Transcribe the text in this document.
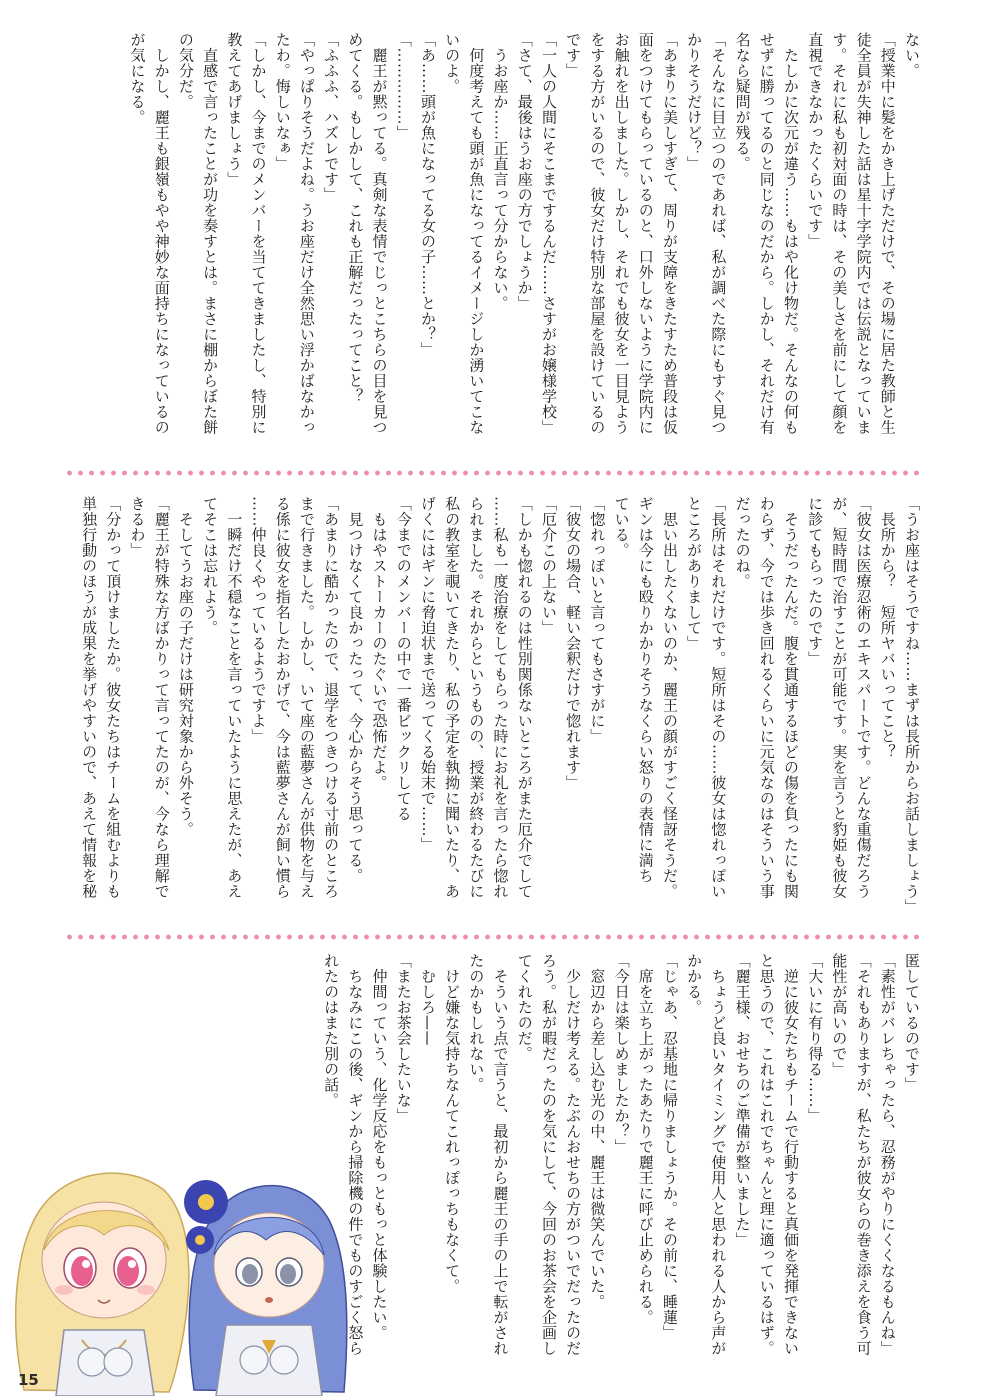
ない。

「授業中に髪をかき上げただけで、その場に居た教師と生

徒全員が失神した話は星十字学院内では伝説となっていま

す。それに私も初対面の時は、その美しさを前にして顔を

直視できなかったくらいです」

　たしかに次元が違う……もはや化け物だ。そんなの何も

せずに勝ってるのと同じなのだから。しかし、それだけ有

名なら疑問が残る。

「そんなに目立つのであれば、私が調べた際にもすぐ見つ

かりそうだけど？」

「あまりに美しすぎて、周りが支障をきたすため普段は仮

面をつけてもらっているのと、口外しないように学院内に

お触れを出しました。しかし、それでも彼女を一目見よう

をする方がいるので、彼女だけ特別な部屋を設けているの

です」

「一人の人間にそこまでするんだ……さすがお嬢様学校」

「さて、最後はうお座の方でしょうか」

　うお座か……正直言って分からない。

　何度考えても頭が魚になってるイメージしか湧いてこな

いのよ。

「あ……頭が魚になってる女の子……とか？」

「……………」

　麗王が黙ってる。真剣な表情でじっとこちらの目を見つ

めてくる。もしかして、これも正解だったってこと？

「ふふふ、ハズレです」

「やっぱりそうだよね。うお座だけ全然思い浮かばなかっ

たわ。悔しいなぁ」

「しかし、今までのメンバーを当ててきましたし、特別に

教えてあげましょう」

　直感で言ったことが功を奏すとは。まさに棚からぼた餅

の気分だ。

　しかし、麗王も銀嶺もやや神妙な面持ちになっているの

が気になる。

「うお座はそうですね……まずは長所からお話しましょう」

　長所から？　短所ヤバいってこと？

「彼女は医療忍術のエキスパートです。どんな重傷だろう

が、短時間で治すことが可能です。実を言うと豹姫も彼女

に診てもらったのです」

　そうだったんだ。腹を貫通するほどの傷を負ったにも関

わらず、今では歩き回れるくらいに元気なのはそういう事

だったのね。

「長所はそれだけです。短所はその……彼女は惚れっぽい

ところがありまして」

　思い出したくないのか、麗王の顔がすごく怪訝そうだ。

ギンは今にも殴りかかりそうなくらい怒りの表情に満ち

ている。

「惚れっぽいと言ってもさすがに」

「彼女の場合、軽い会釈だけで惚れます」

「厄介この上ない」

「しかも惚れるのは性別関係ないところがまた厄介でして

……私も一度治療をしてもらった時にお礼を言ったら惚れ

られました。それからというものの、授業が終わるたびに

私の教室を覗いてきたり、私の予定を執拗に聞いたり、あ

げくにはギンに脅迫状まで送ってくる始末で……」

「今までのメンバーの中で一番ビックリしてる

　もはやストーカーのたぐいで恐怖だよ。

　見つけなくて良かったって、今心からそう思ってる。

「あまりに酷かったので、退学をつきつける寸前のところ

まで行きました。しかし、いて座の藍夢さんが供物を与え

る係に彼女を指名したおかげで、今は藍夢さんが飼い慣ら

……仲良くやっているようですよ」

　一瞬だけ不穏なことを言っていたように思えたが、あえ

てそこは忘れよう。

　そしてうお座の子だけは研究対象から外そう。

「麗王が特殊な方ばかりって言ってたのが、今なら理解で

きるわ」

「分かって頂けましたか。彼女たちはチームを組むよりも

単独行動のほうが成果を挙げやすいので、あえて情報を秘

匿しているのです」

「素性がバレちゃったら、忍務がやりにくくなるもんね」

「それもありますが、私たちが彼女らの巻き添えを食う可

能性が高いので」

「大いに有り得る……」

　逆に彼女たちもチームで行動すると真価を発揮できない

と思うので、これはこれでちゃんと理に適っているはず。

「麗王様、おせちのご準備が整いました」

　ちょうど良いタイミングで使用人と思われる人から声が

かかる。

「じゃあ、忍基地に帰りましょうか。その前に、睡蓮」

　席を立ち上がったあたりで麗王に呼び止められる。

「今日は楽しめましたか？」

　窓辺から差し込む光の中、麗王は微笑んでいた。

　少しだけ考える。たぶんおせちの方がついでだったのだ

ろう。私が暇だったのを気にして、今回のお茶会を企画し

てくれたのだ。

　そういう点で言うと、最初から麗王の手の上で転がされ

たのかもしれない。

　けど嫌な気持ちなんてこれっぽっちもなくて。

　むしろ——

「またお茶会したいな」

　仲間っていう、化学反応をもっともっと体験したい。

　ちなみにこの後、ギンから掃除機の件でものすごく怒ら

れたのはまた別の話。

15
